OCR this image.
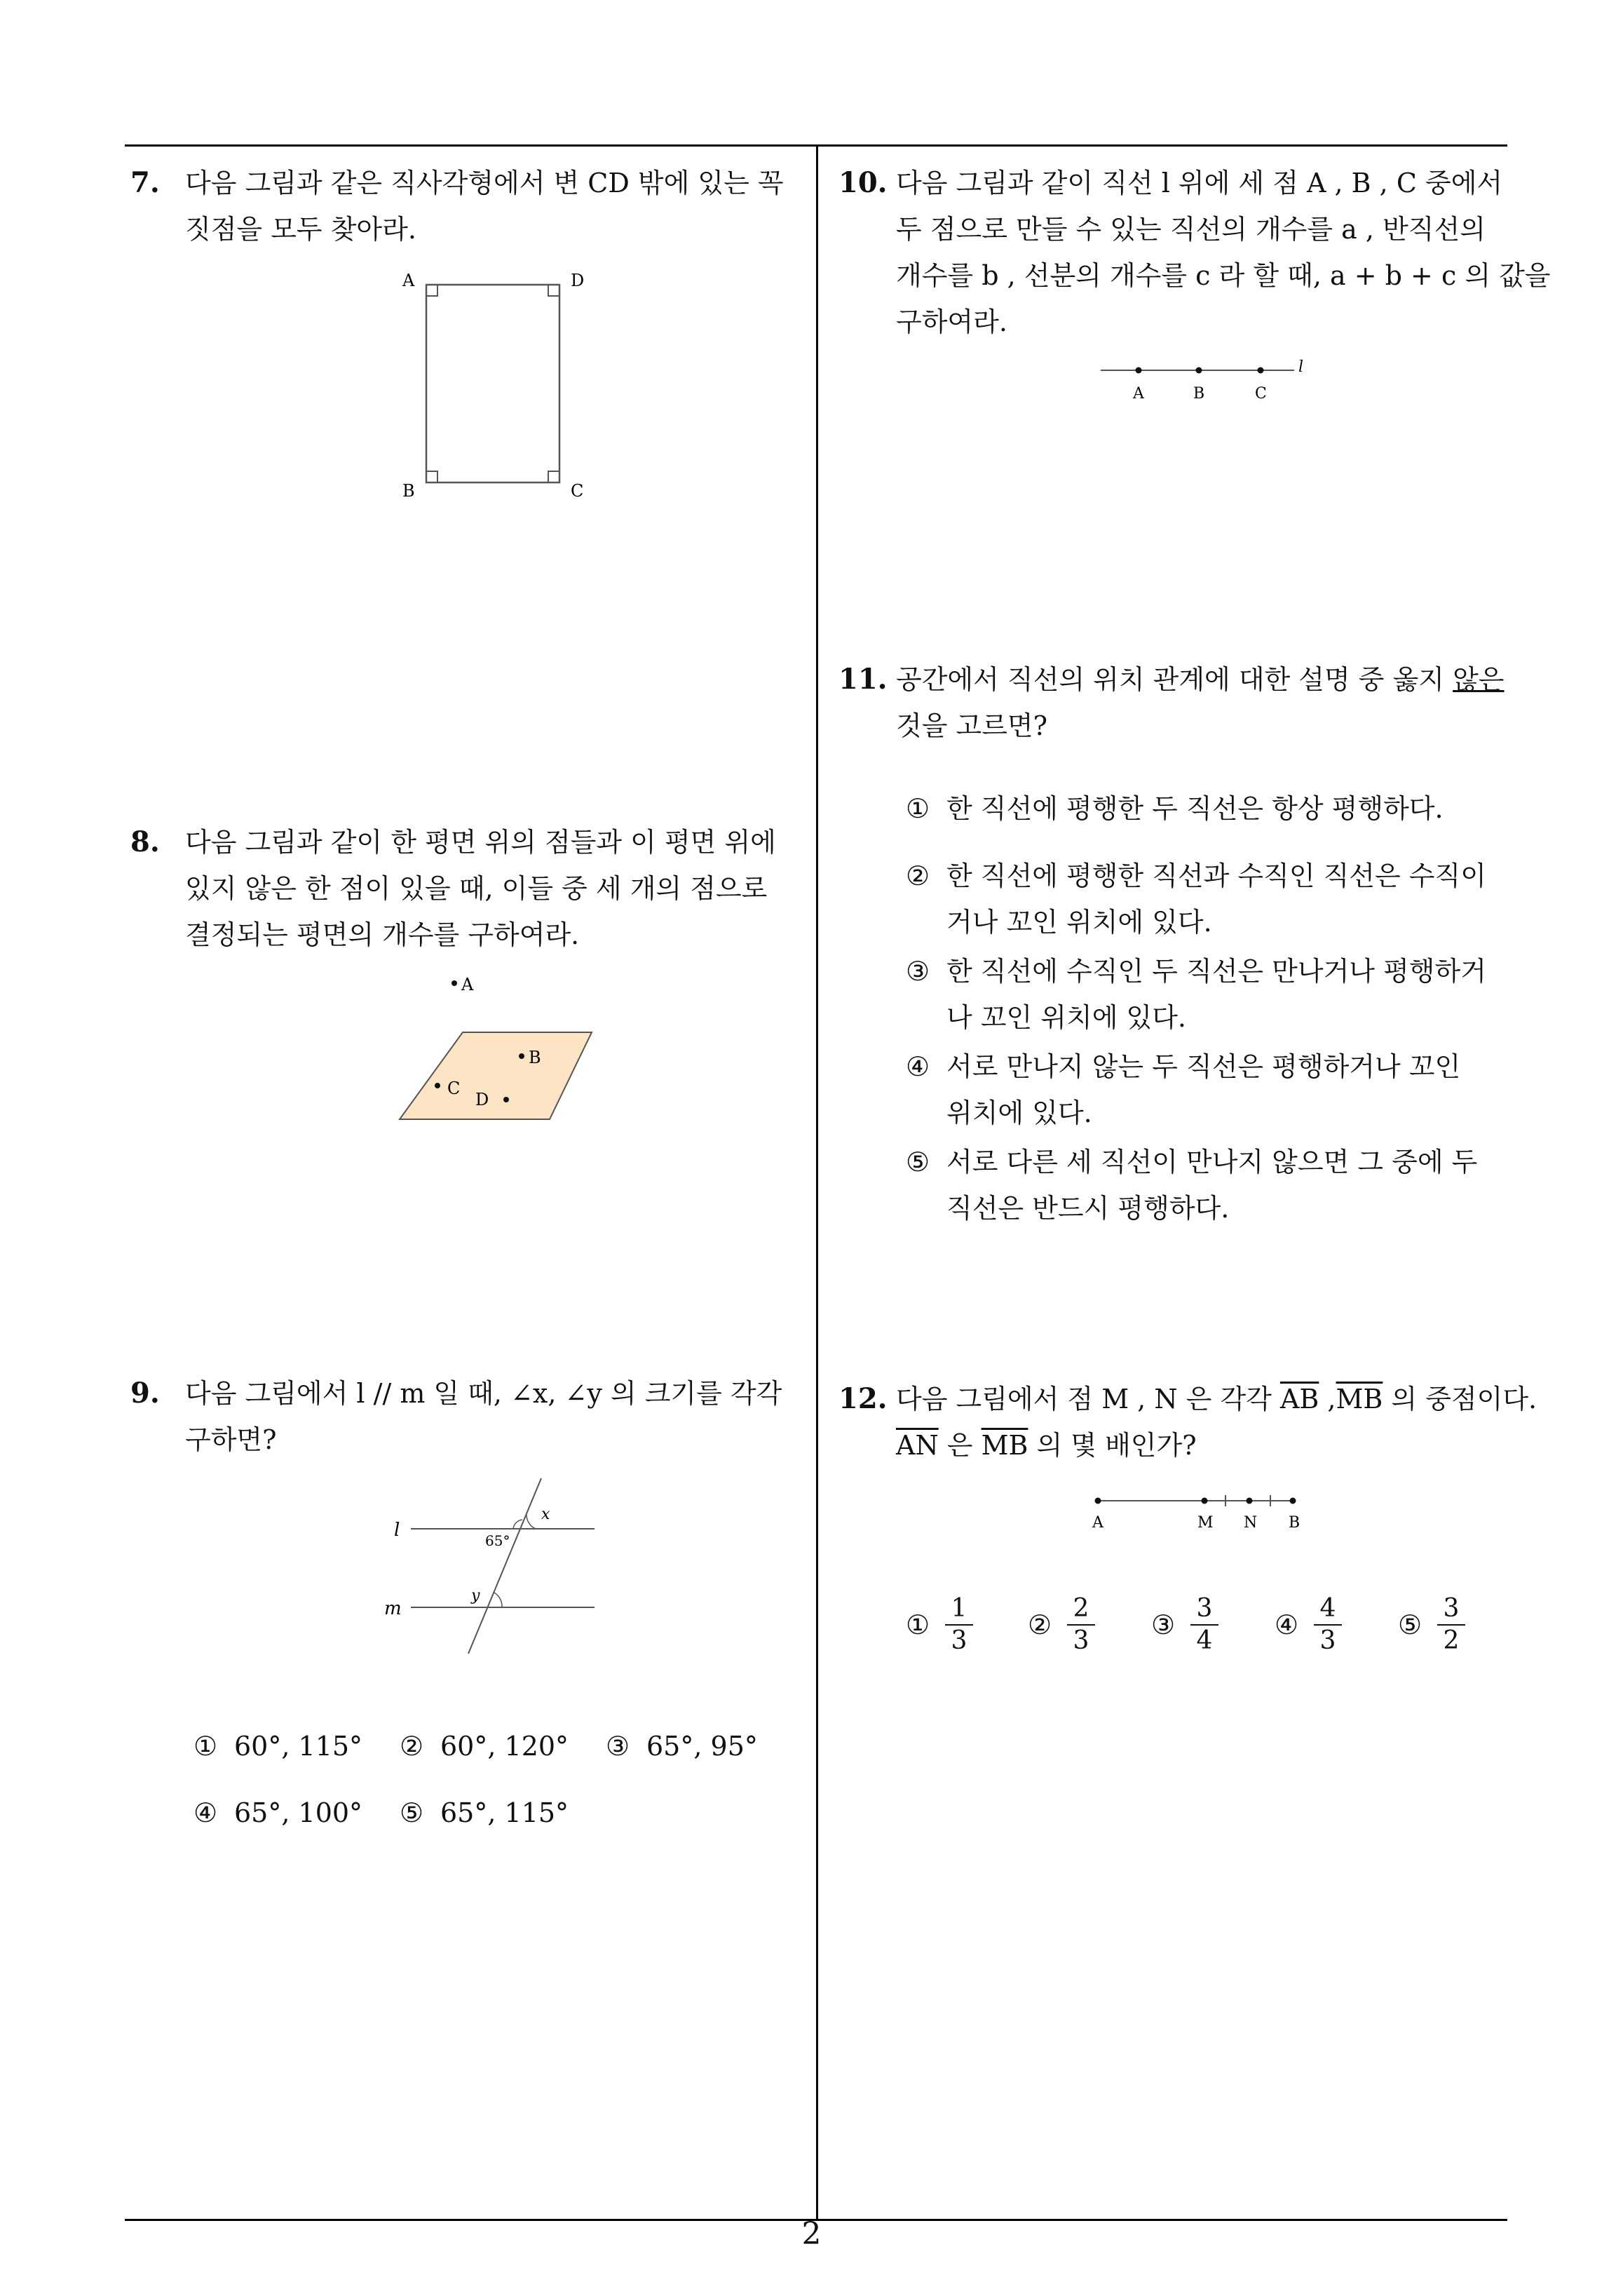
7. 다음 그림과 같은 직사각형에서 변 CD 밖에 있는 꼭
짓점을 모두 찾아라.
A	D
B	C
8. 다음 그림과 같이 한 평면 위의 점들과 이 평면 위에
있지 않은 한 점이 있을 때, 이들 중 세 개의 점으로
결정되는 평면의 개수를 구하여라.
A
B
C
D
9. 다음 그림에서 l // m 일 때, ∠x, ∠y 의 크기를 각각
구하면?
l
m
x
65°
y
① 60°, 115° ② 60°, 120° ③ 65°, 95°
④ 65°, 100° ⑤ 65°, 115°
10. 다음 그림과 같이 직선 l 위에 세 점 A , B , C 중에서
두 점으로 만들 수 있는 직선의 개수를 a , 반직선의
개수를 b , 선분의 개수를 c 라 할 때, a + b + c 의 값을
구하여라.
A	B	C
l
11. 공간에서 직선의 위치 관계에 대한 설명 중 옳지 않은
것을 고르면?
① 한 직선에 평행한 두 직선은 항상 평행하다.
② 한 직선에 평행한 직선과 수직인 직선은 수직이
거나 꼬인 위치에 있다.
③ 한 직선에 수직인 두 직선은 만나거나 평행하거
나 꼬인 위치에 있다.
④ 서로 만나지 않는 두 직선은 평행하거나 꼬인
위치에 있다.
⑤ 서로 다른 세 직선이 만나지 않으면 그 중에 두
직선은 반드시 평행하다.
12. 다음 그림에서 점 M , N 은 각각 $\overline{AB}$ $,\overline{MB}$ 의 중점이다.
$\overline{AN}$ 은 $\overline{MB}$ 의 몇 배인가?
A	M N B
① $\frac{1}{3}$ ② $\frac{2}{3}$ ③ $\frac{3}{4}$ ④ $\frac{4}{3}$ ⑤ $\frac{3}{2}$
2
